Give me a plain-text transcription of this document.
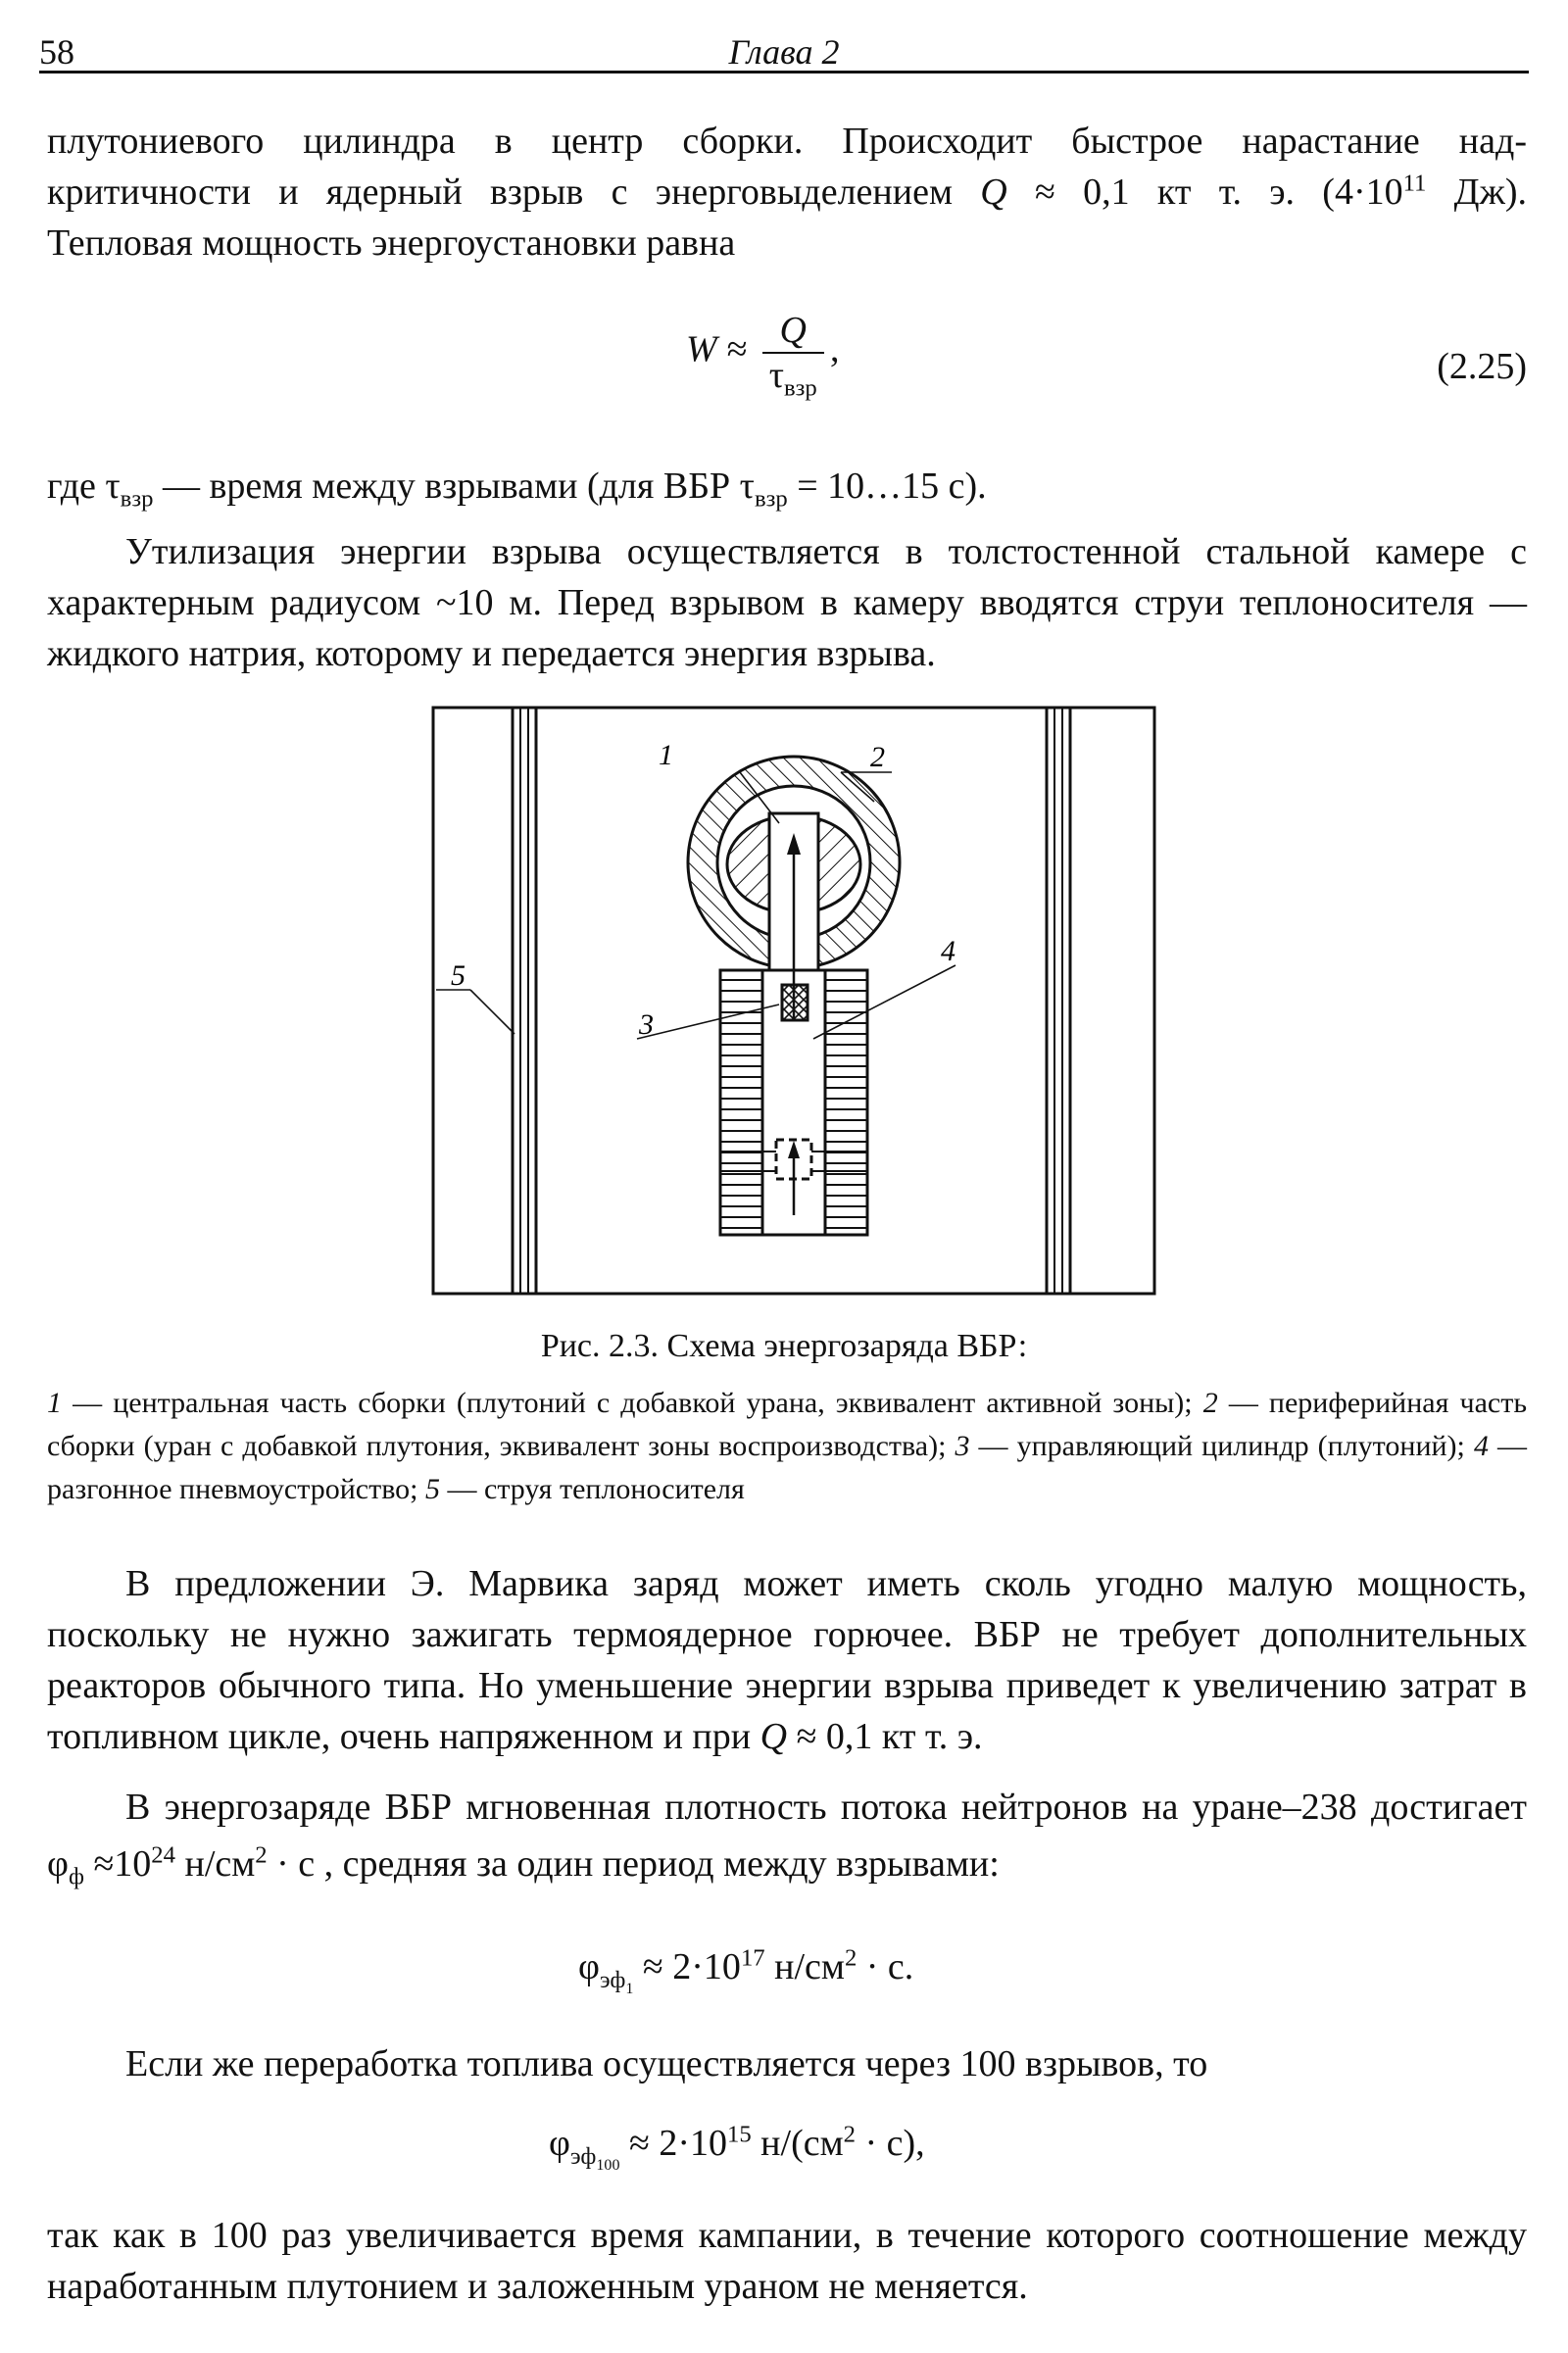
58	Глава 2

плутониевого цилиндра в центр сборки. Происходит быстрое нарастание над-

критичности и ядерный взрыв с энерговыделением Q ≈ 0,1 кт т. э. ($4\cdot 10^{11}$ Дж).

Тепловая мощность энергоустановки равна

$W \approx \frac{Q}{\tau_{взр}}$ ,	(2.25)

где $\tau_{взр}$ — время между взрывами (для ВБР $\tau_{взр}$ = 10…15 с).

Утилизация энергии взрыва осуществляется в толстостенной стальной камере с характерным радиусом ~10 м. Перед взрывом в камеру вводятся струи теплоносителя — жидкого натрия, которому и передается энергия взрыва.

1	2
3
4
5
Рис. 2.3. Схема энергозаряда ВБР:
1 — центральная часть сборки (плутоний с добавкой урана, эквивалент активной зоны); 2 — периферийная часть сборки (уран с добавкой плутония, эквивалент зоны воспроизводства); 3 — управляющий цилиндр (плутоний); 4 — разгонное пневмоустройство; 5 — струя теплоносителя

В предложении Э. Марвика заряд может иметь сколь угодно малую мощность, поскольку не нужно зажигать термоядерное горючее. ВБР не требует дополнительных реакторов обычного типа. Но уменьшение энергии взрыва приведет к увеличению затрат в топливном цикле, очень напряженном и при Q ≈ 0,1 кт т. э.

В энергозаряде ВБР мгновенная плотность потока нейтронов на уране–238 достигает $\varphi_ф \approx 10^{24}$ $н/см^2 \cdot с$ , средняя за один период между взрывами:

$\varphi_{эф_1} \approx 2\cdot 10^{17}$ $н/см^2 \cdot с$.

Если же переработка топлива осуществляется через 100 взрывов, то

$\varphi_{эф_{100}} \approx 2\cdot 10^{15}$ $н/(см^2 \cdot с)$,

так как в 100 раз увеличивается время кампании, в течение которого соотношение между наработанным плутонием и заложенным ураном не меняется.
